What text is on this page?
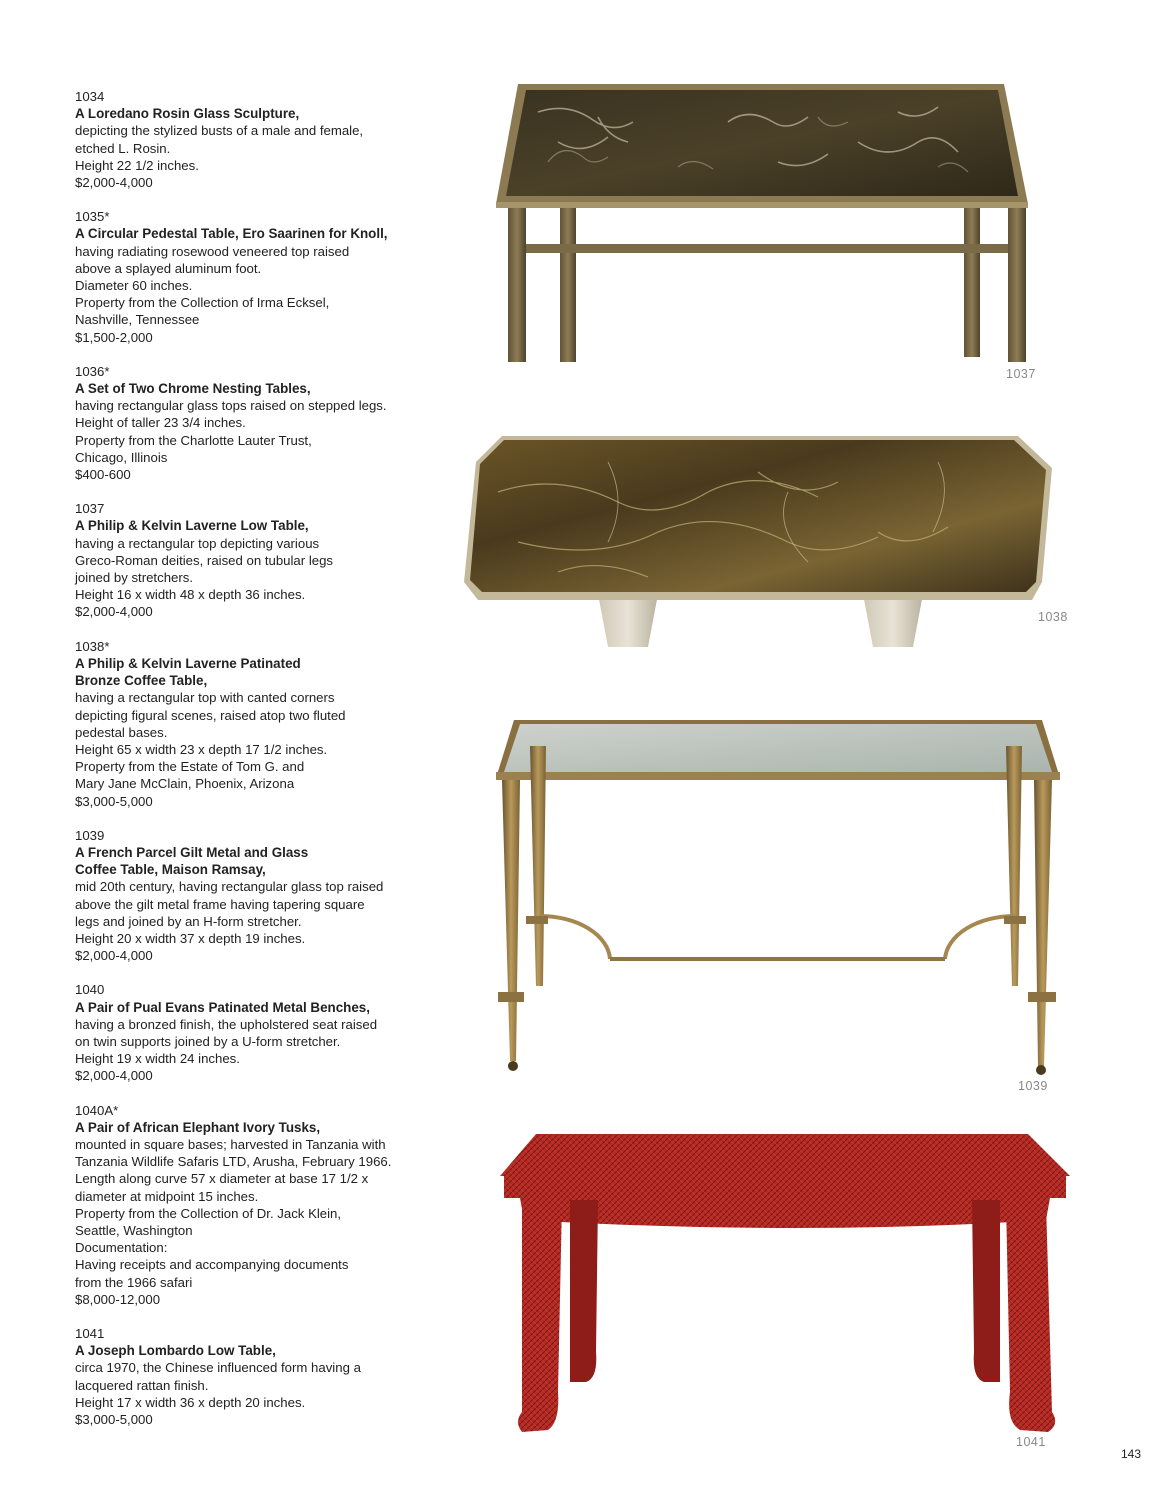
1034
A Loredano Rosin Glass Sculpture,
depicting the stylized busts of a male and female,
etched L. Rosin.
Height 22 1/2 inches.
$2,000-4,000
1035*
A Circular Pedestal Table, Ero Saarinen for Knoll,
having radiating rosewood veneered top raised
above a splayed aluminum foot.
Diameter 60 inches.
Property from the Collection of Irma Ecksel,
Nashville, Tennessee
$1,500-2,000
1036*
A Set of Two Chrome Nesting Tables,
having rectangular glass tops raised on stepped legs.
Height of taller 23 3/4 inches.
Property from the Charlotte Lauter Trust,
Chicago, Illinois
$400-600
1037
A Philip & Kelvin Laverne Low Table,
having a rectangular top depicting various
Greco-Roman deities, raised on tubular legs
joined by stretchers.
Height 16 x width 48 x depth 36 inches.
$2,000-4,000
1038*
A Philip & Kelvin Laverne Patinated
Bronze Coffee Table,
having a rectangular top with canted corners
depicting figural scenes, raised atop two fluted
pedestal bases.
Height 65 x width 23 x depth 17 1/2 inches.
Property from the Estate of Tom G. and
Mary Jane McClain, Phoenix, Arizona
$3,000-5,000
1039
A French Parcel Gilt Metal and Glass
Coffee Table, Maison Ramsay,
mid 20th century, having rectangular glass top raised
above the gilt metal frame having tapering square
legs and joined by an H-form stretcher.
Height 20 x width 37 x depth 19 inches.
$2,000-4,000
1040
A Pair of Pual Evans Patinated Metal Benches,
having a bronzed finish, the upholstered seat raised
on twin supports joined by a U-form stretcher.
Height 19 x width 24 inches.
$2,000-4,000
1040A*
A Pair of African Elephant Ivory Tusks,
mounted in square bases; harvested in Tanzania with
Tanzania Wildlife Safaris LTD, Arusha, February 1966.
Length along curve 57 x diameter at base 17 1/2 x
diameter at midpoint 15 inches.
Property from the Collection of Dr. Jack Klein,
Seattle, Washington
Documentation:
Having receipts and accompanying documents
from the 1966 safari
$8,000-12,000
1041
A Joseph Lombardo Low Table,
circa 1970, the Chinese influenced form having a
lacquered rattan finish.
Height 17 x width 36 x depth 20 inches.
$3,000-5,000
1037
1038
1039
1041
143
